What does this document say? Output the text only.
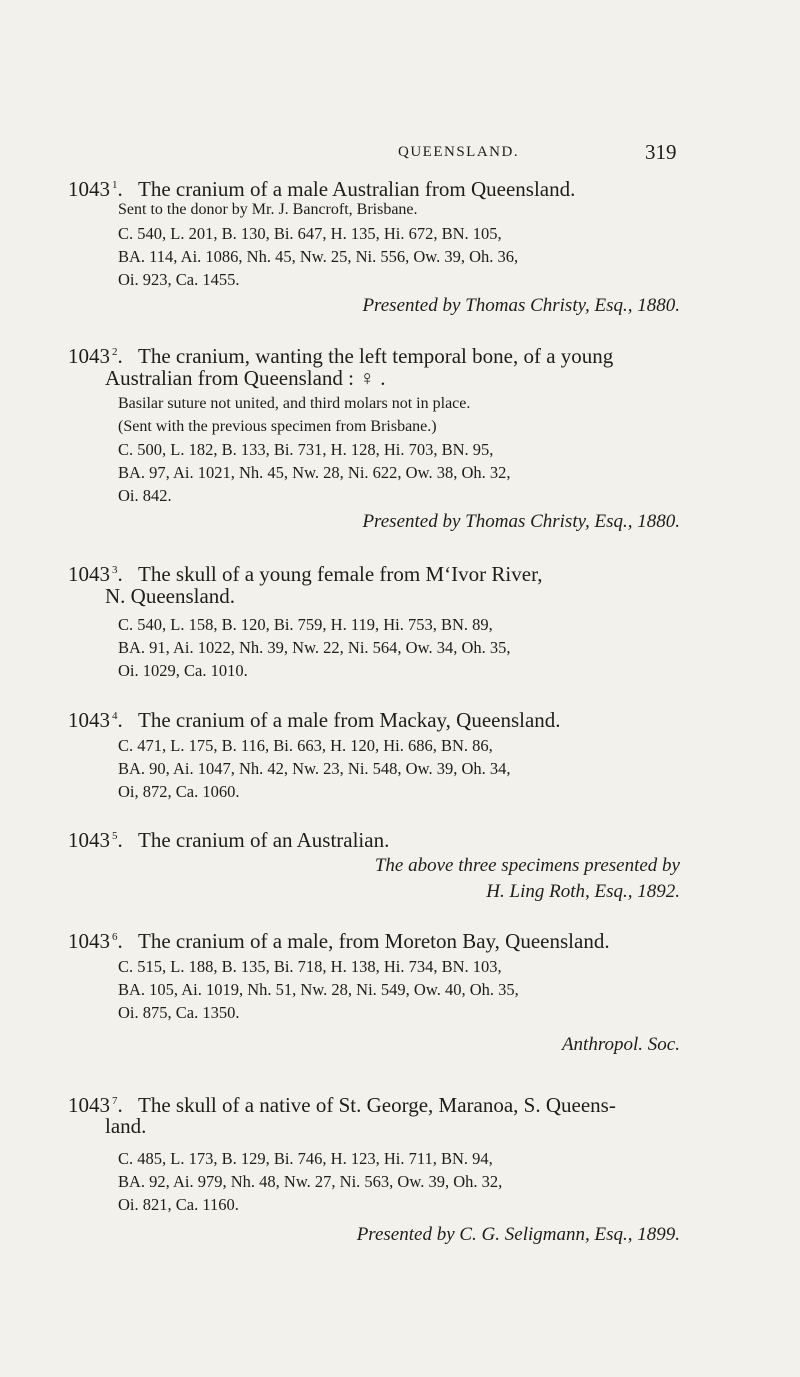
QUEENSLAND.	319
1043 $^1$. The cranium of a male Australian from Queensland.
Sent to the donor by Mr. J. Bancroft, Brisbane.
C. 540, L. 201, B. 130, Bi. 647, H. 135, Hi. 672, BN. 105,
BA. 114, Ai. 1086, Nh. 45, Nw. 25, Ni. 556, Ow. 39, Oh. 36,
Oi. 923, Ca. 1455.
Presented by Thomas Christy, Esq., 1880.
1043 $^2$. The cranium, wanting the left temporal bone, of a young
Australian from Queensland : ♀ .
Basilar suture not united, and third molars not in place.
(Sent with the previous specimen from Brisbane.)
C. 500, L. 182, B. 133, Bi. 731, H. 128, Hi. 703, BN. 95,
BA. 97, Ai. 1021, Nh. 45, Nw. 28, Ni. 622, Ow. 38, Oh. 32,
Oi. 842.
Presented by Thomas Christy, Esq., 1880.
1043 $^3$. The skull of a young female from M‘Ivor River,
N. Queensland.
C. 540, L. 158, B. 120, Bi. 759, H. 119, Hi. 753, BN. 89,
BA. 91, Ai. 1022, Nh. 39, Nw. 22, Ni. 564, Ow. 34, Oh. 35,
Oi. 1029, Ca. 1010.
1043 $^4$. The cranium of a male from Mackay, Queensland.
C. 471, L. 175, B. 116, Bi. 663, H. 120, Hi. 686, BN. 86,
BA. 90, Ai. 1047, Nh. 42, Nw. 23, Ni. 548, Ow. 39, Oh. 34,
Oi, 872, Ca. 1060.
1043 $^5$. The cranium of an Australian.
The above three specimens presented by
H. Ling Roth, Esq., 1892.
1043 $^6$. The cranium of a male, from Moreton Bay, Queensland.
C. 515, L. 188, B. 135, Bi. 718, H. 138, Hi. 734, BN. 103,
BA. 105, Ai. 1019, Nh. 51, Nw. 28, Ni. 549, Ow. 40, Oh. 35,
Oi. 875, Ca. 1350.
Anthropol. Soc.
1043 $^7$. The skull of a native of St. George, Maranoa, S. Queens-
land.
C. 485, L. 173, B. 129, Bi. 746, H. 123, Hi. 711, BN. 94,
BA. 92, Ai. 979, Nh. 48, Nw. 27, Ni. 563, Ow. 39, Oh. 32,
Oi. 821, Ca. 1160.
Presented by C. G. Seligmann, Esq., 1899.
